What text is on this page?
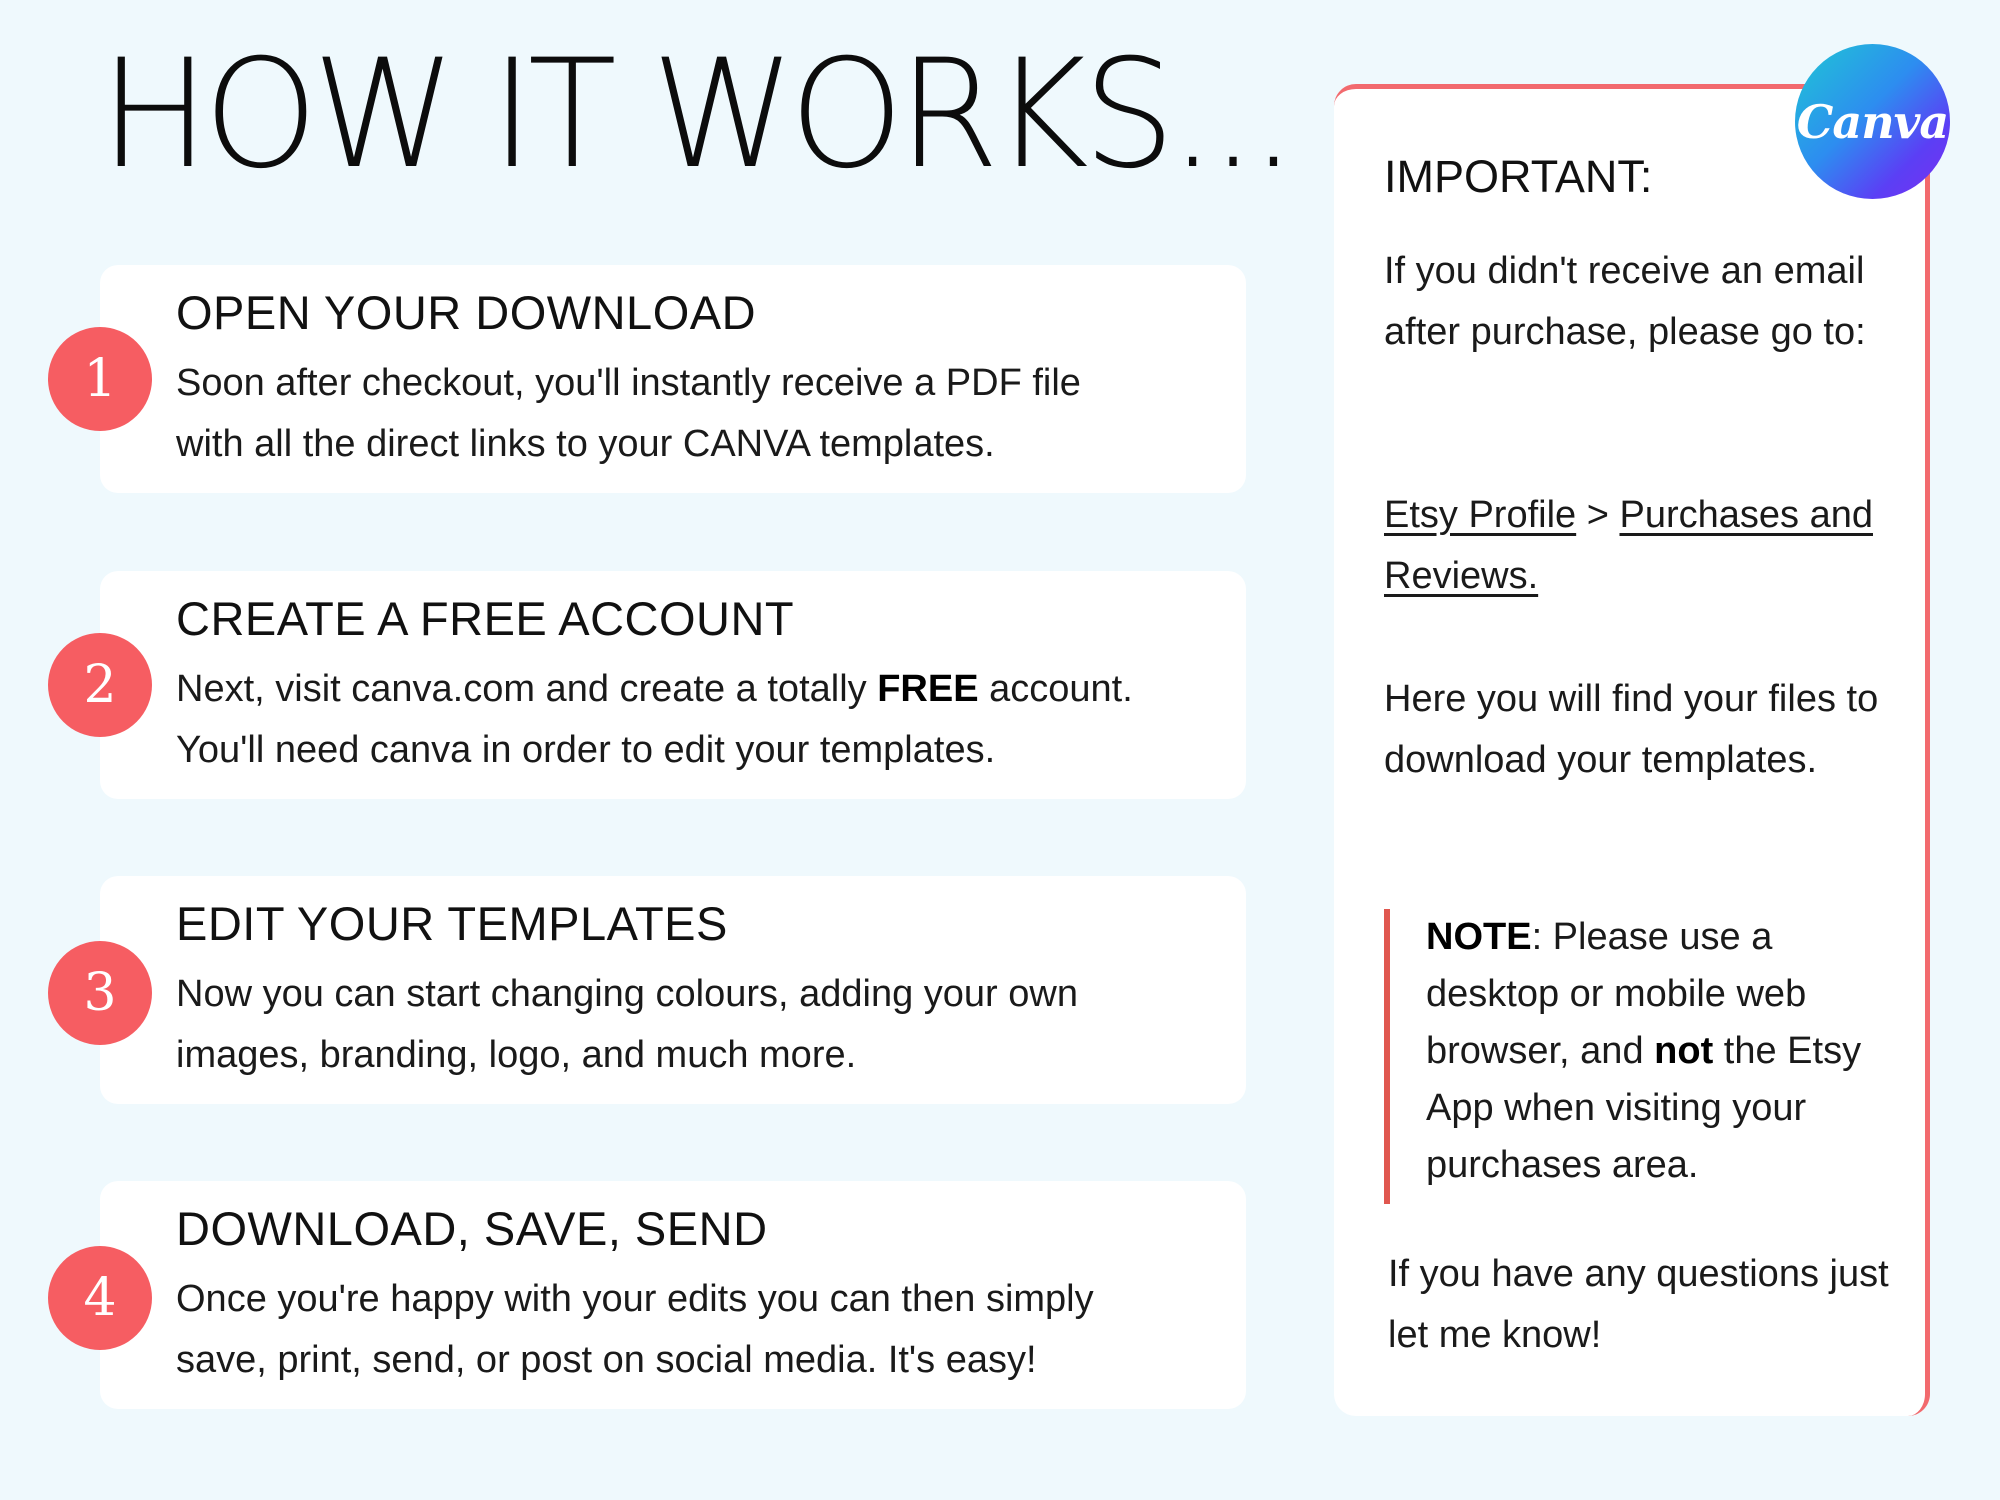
HOW IT WORKS...
1
OPEN YOUR DOWNLOAD
Soon after checkout, you'll instantly receive a PDF file
with all the direct links to your CANVA templates.
2
CREATE A FREE ACCOUNT
Next, visit canva.com and create a totally FREE account.
You'll need canva in order to edit your templates.
3
EDIT YOUR TEMPLATES
Now you can start changing colours, adding your own
images, branding, logo, and much more.
4
DOWNLOAD, SAVE, SEND
Once you're happy with your edits you can then simply
save, print, send, or post on social media. It's easy!
IMPORTANT:
If you didn't receive an email after purchase, please go to:
Etsy Profile > Purchases and Reviews.
Here you will find your files to download your templates.
NOTE: Please use a desktop or mobile web browser, and not the Etsy App when visiting your purchases area.
If you have any questions just let me know!
Canva
